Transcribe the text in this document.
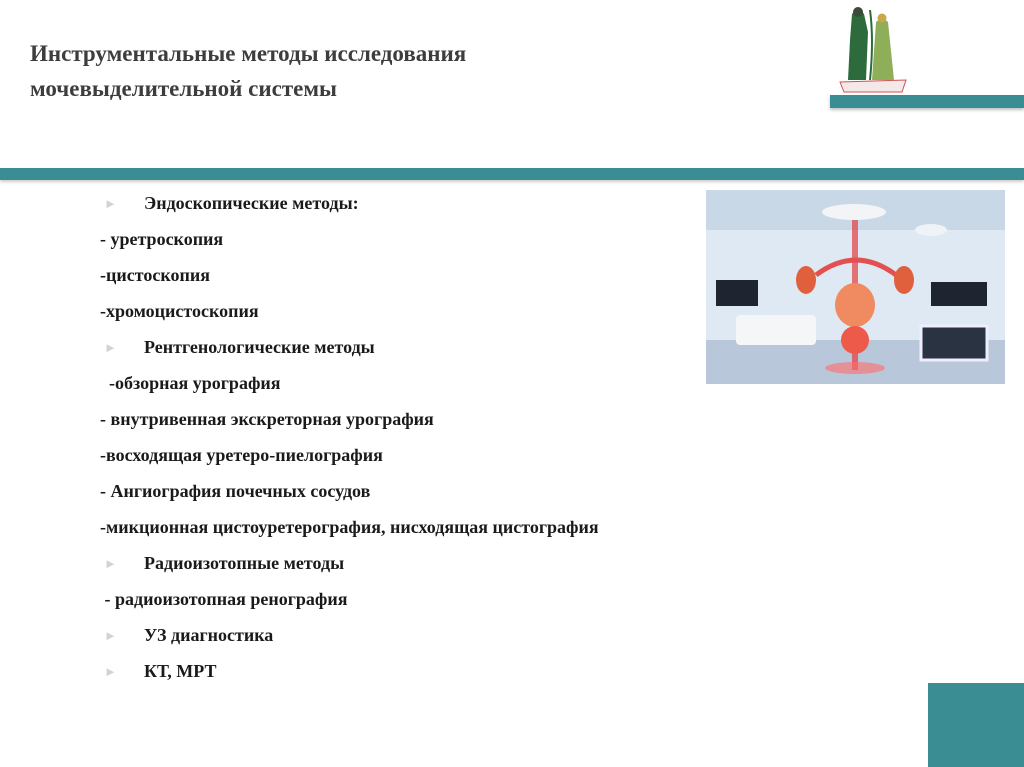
Инструментальные методы исследования
мочевыделительной системы
►	Эндоскопические методы:
- уретроскопия
-цистоскопия
-хромоцистоскопия
►	Рентгенологические методы
-обзорная урография
- внутривенная экскреторная урография
-восходящая уретеро-пиелография
- Ангиография почечных сосудов
-микционная цистоуретерография, нисходящая цистография
►	Радиоизотопные методы
- радиоизотопная ренография
►	УЗ диагностика
►	КТ, МРТ
